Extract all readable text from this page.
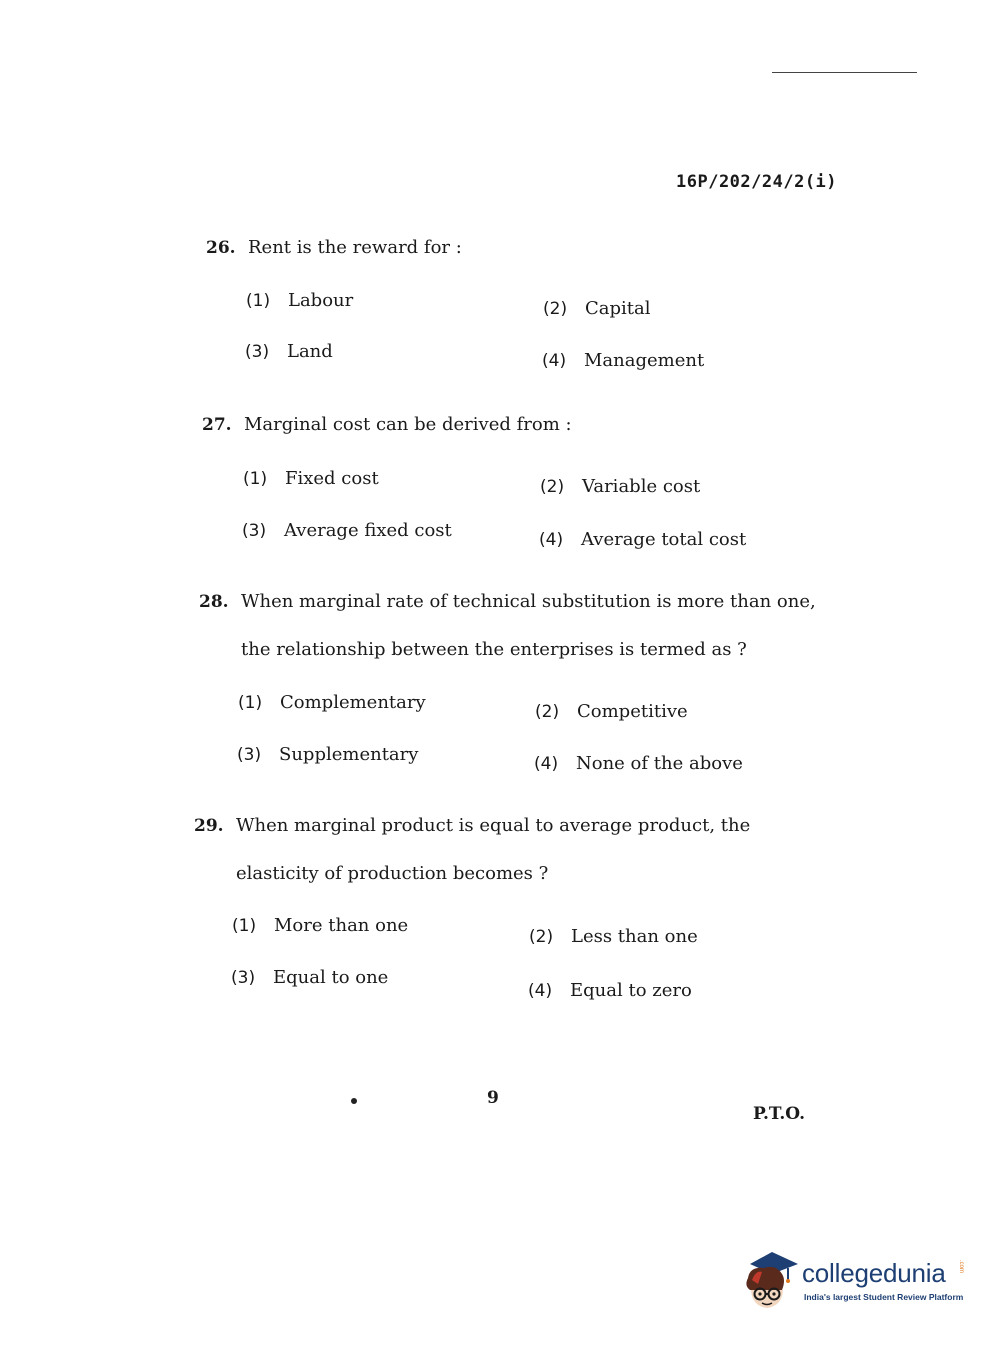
16P/202/24/2(i)
26. Rent is the reward for :
(1) Labour	(2) Capital
(3) Land	(4) Management
27. Marginal cost can be derived from :
(1) Fixed cost	(2) Variable cost
(3) Average fixed cost	(4) Average total cost
28. When marginal rate of technical substitution is more than one, the relationship between the enterprises is termed as ?
(1) Complementary	(2) Competitive
(3) Supplementary	(4) None of the above
29. When marginal product is equal to average product, the elasticity of production becomes ?
(1) More than one
(2) Less than one
(3) Equal to one
(4) Equal to zero
9
P.T.O.
collegedunia .com
India's largest Student Review Platform
